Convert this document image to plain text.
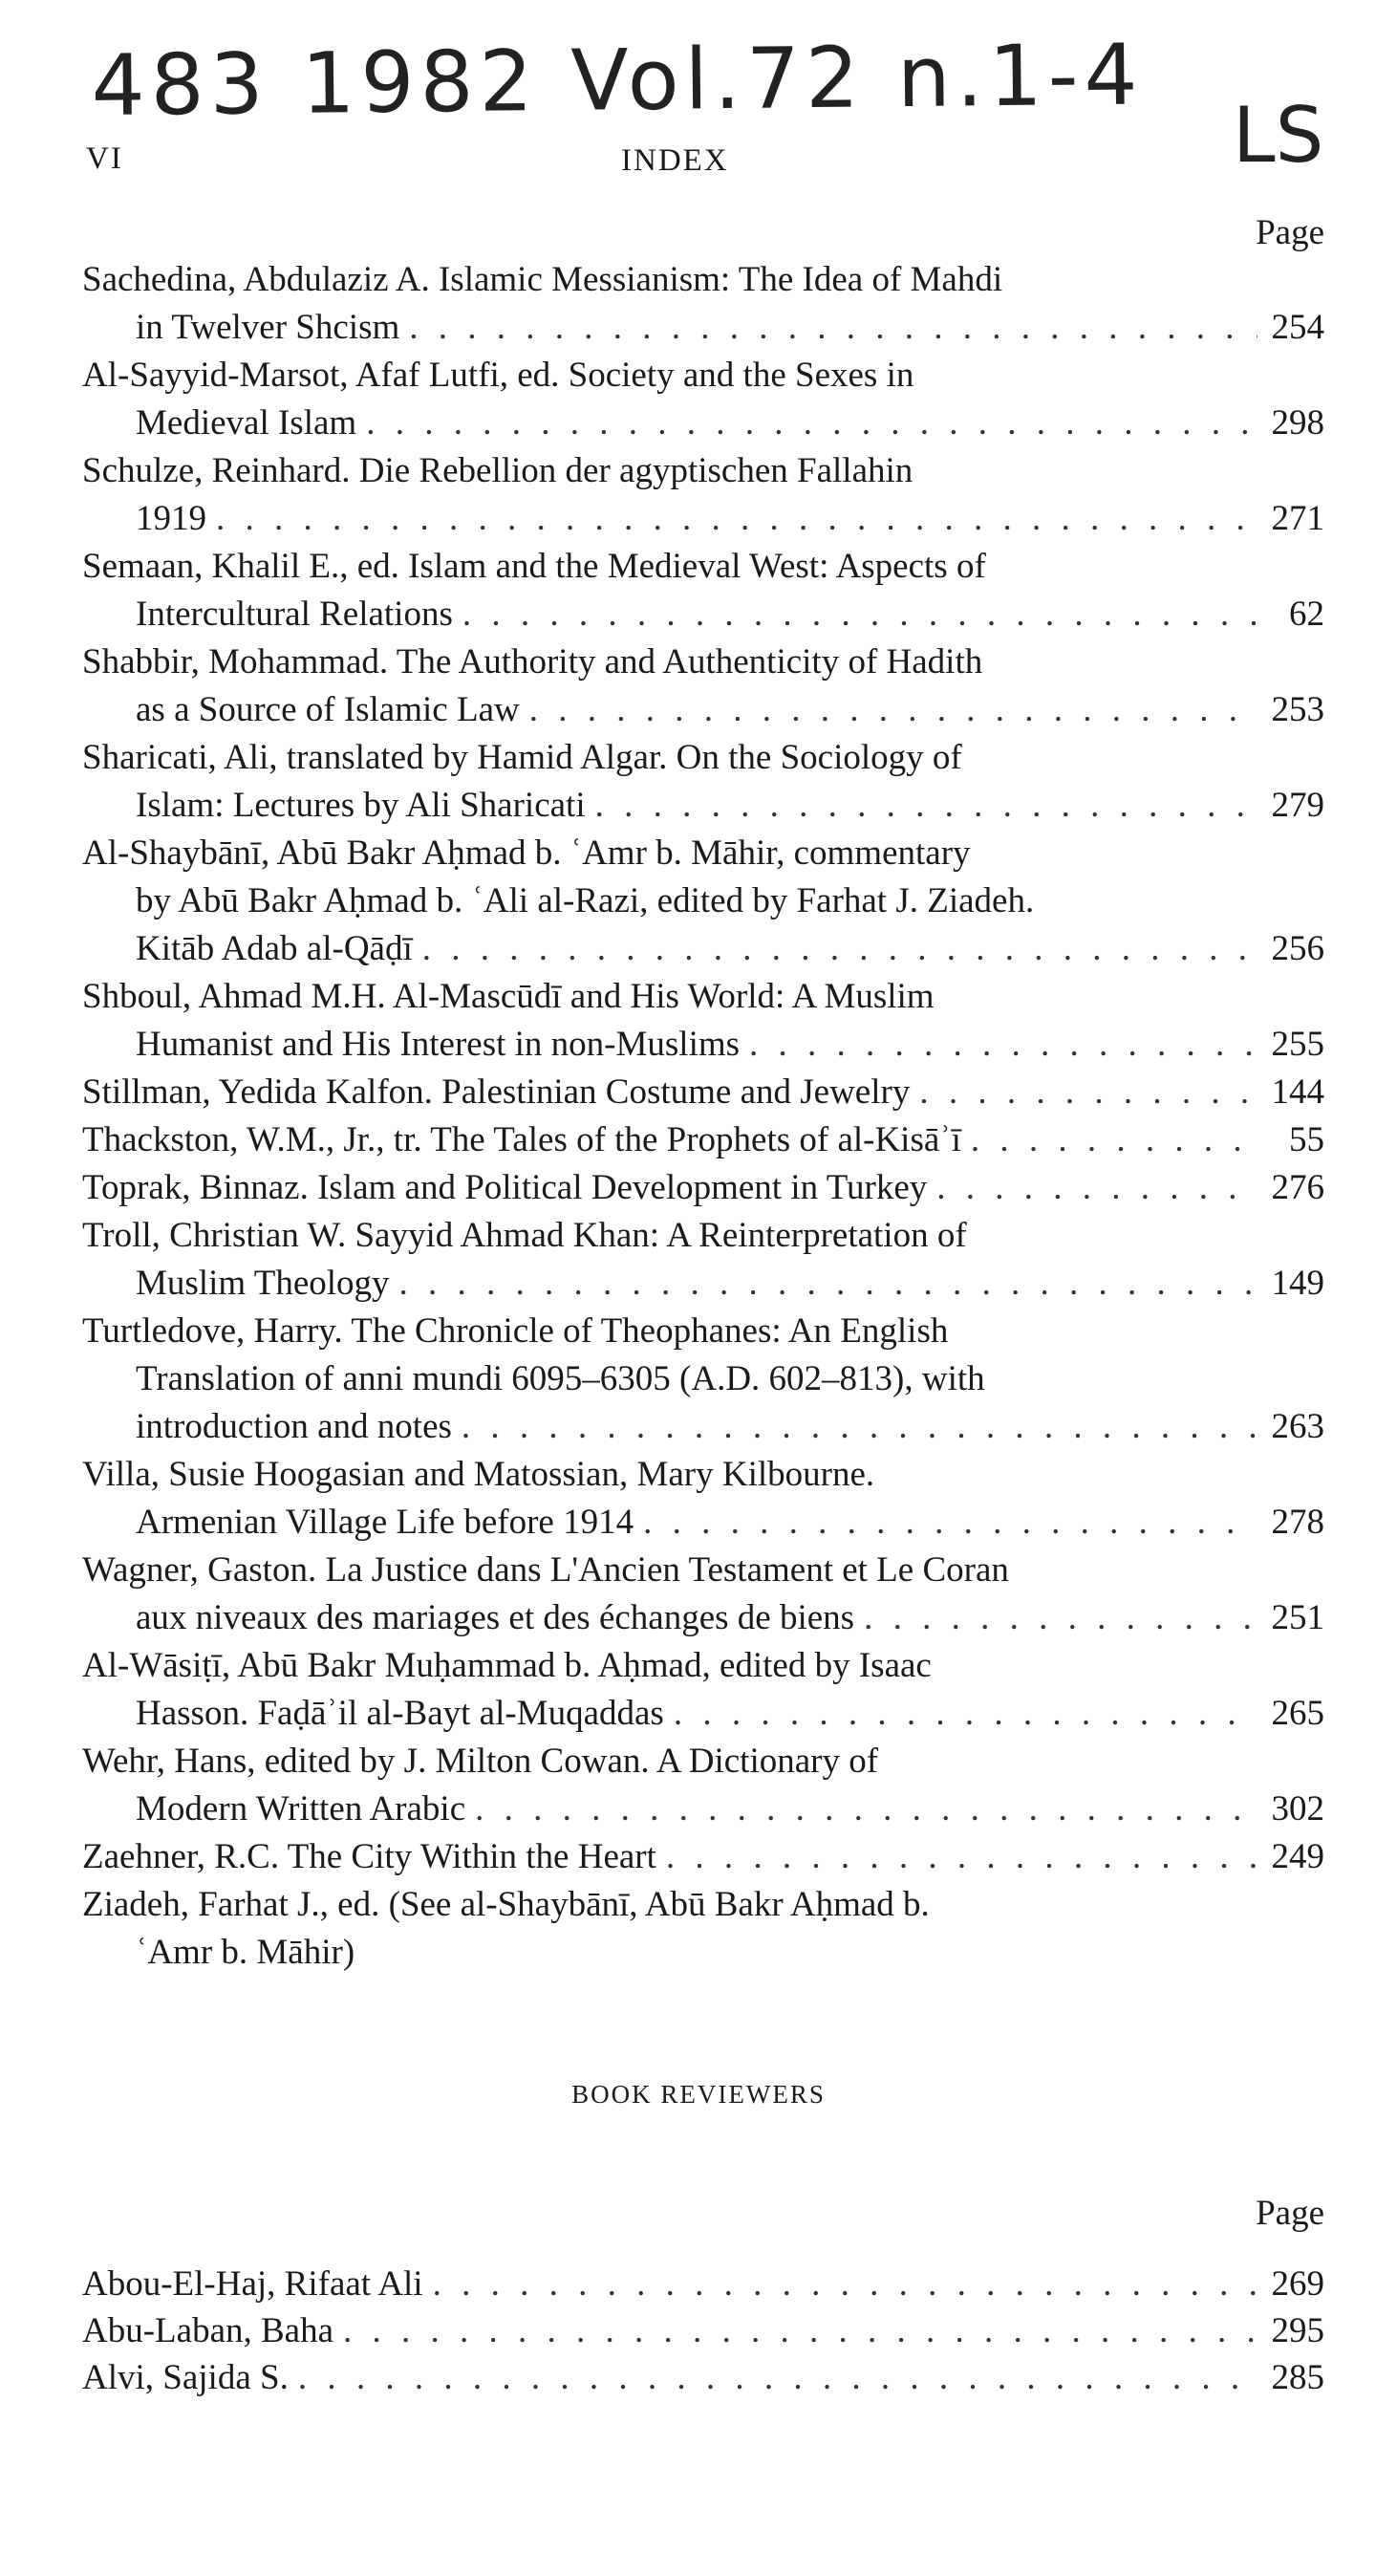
483 1982 Vol.72 n.1-4
LS
VI	INDEX
Page
Sachedina, Abdulaziz A. Islamic Messianism: The Idea of Mahdi
in Twelver Shcism . . .	254
Al-Sayyid-Marsot, Afaf Lutfi, ed. Society and the Sexes in
Medieval Islam . . .	298
Schulze, Reinhard. Die Rebellion der agyptischen Fallahin
1919 . . .	271
Semaan, Khalil E., ed. Islam and the Medieval West: Aspects of
Intercultural Relations . . .	62
Shabbir, Mohammad. The Authority and Authenticity of Hadith
as a Source of Islamic Law . . .	253
Sharicati, Ali, translated by Hamid Algar. On the Sociology of
Islam: Lectures by Ali Sharicati . . .	279
Al-Shaybānī, Abū Bakr Aḥmad b. ʿAmr b. Māhir, commentary
by Abū Bakr Aḥmad b. ʿAli al-Razi, edited by Farhat J. Ziadeh.
Kitāb Adab al-Qāḍī . . .	256
Shboul, Ahmad M.H. Al-Mascūdī and His World: A Muslim
Humanist and His Interest in non-Muslims . . .	255
Stillman, Yedida Kalfon. Palestinian Costume and Jewelry . . .	144
Thackston, W.M., Jr., tr. The Tales of the Prophets of al-Kisāʾī . . .	55
Toprak, Binnaz. Islam and Political Development in Turkey . . .	276
Troll, Christian W. Sayyid Ahmad Khan: A Reinterpretation of
Muslim Theology . . .	149
Turtledove, Harry. The Chronicle of Theophanes: An English
Translation of anni mundi 6095–6305 (A.D. 602–813), with
introduction and notes . . .	263
Villa, Susie Hoogasian and Matossian, Mary Kilbourne.
Armenian Village Life before 1914 . . .	278
Wagner, Gaston. La Justice dans L'Ancien Testament et Le Coran
aux niveaux des mariages et des échanges de biens . . .	251
Al-Wāsiṭī, Abū Bakr Muḥammad b. Aḥmad, edited by Isaac
Hasson. Faḍāʾil al-Bayt al-Muqaddas . . .	265
Wehr, Hans, edited by J. Milton Cowan. A Dictionary of
Modern Written Arabic . . .	302
Zaehner, R.C. The City Within the Heart . . .	249
Ziadeh, Farhat J., ed. (See al-Shaybānī, Abū Bakr Aḥmad b.
ʿAmr b. Māhir)
BOOK REVIEWERS
Page
Abou-El-Haj, Rifaat Ali . . .	269
Abu-Laban, Baha . . .	295
Alvi, Sajida S. . . .	285
